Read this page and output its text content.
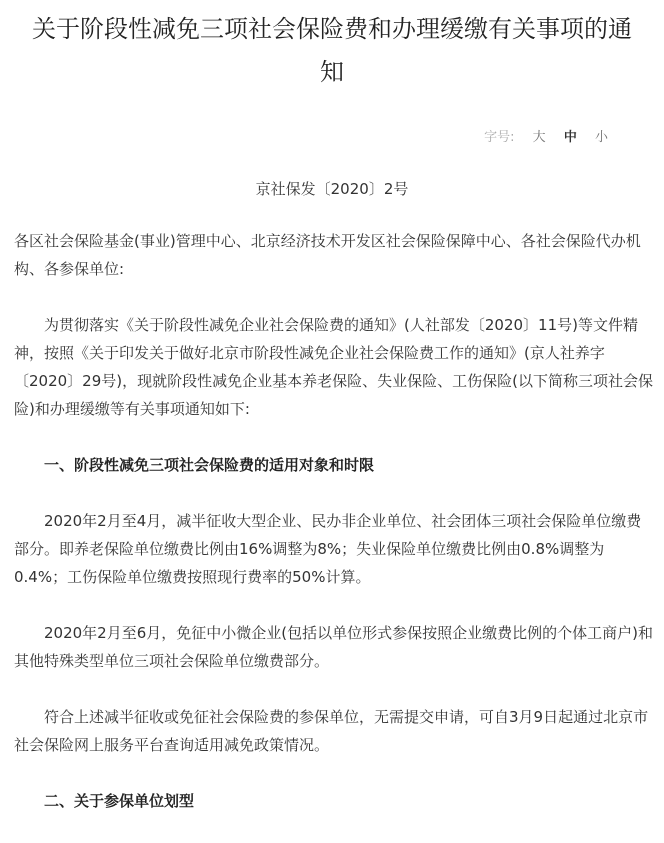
关于阶段性减免三项社会保险费和办理缓缴有关事项的通知
字号: 大 中 小
京社保发〔2020〕2号

各区社会保险基金(事业)管理中心、北京经济技术开发区社会保险保障中心、各社会保险代办机构、各参保单位:

为贯彻落实《关于阶段性减免企业社会保险费的通知》(人社部发〔2020〕11号)等文件精神，按照《关于印发关于做好北京市阶段性减免企业社会保险费工作的通知》(京人社养字〔2020〕29号)，现就阶段性减免企业基本养老保险、失业保险、工伤保险(以下简称三项社会保险)和办理缓缴等有关事项通知如下:

一、阶段性减免三项社会保险费的适用对象和时限

2020年2月至4月，减半征收大型企业、民办非企业单位、社会团体三项社会保险单位缴费部分。即养老保险单位缴费比例由16%调整为8%；失业保险单位缴费比例由0.8%调整为0.4%；工伤保险单位缴费按照现行费率的50%计算。

2020年2月至6月，免征中小微企业(包括以单位形式参保按照企业缴费比例的个体工商户)和其他特殊类型单位三项社会保险单位缴费部分。

符合上述减半征收或免征社会保险费的参保单位，无需提交申请，可自3月9日起通过北京市社会保险网上服务平台查询适用减免政策情况。

二、关于参保单位划型
